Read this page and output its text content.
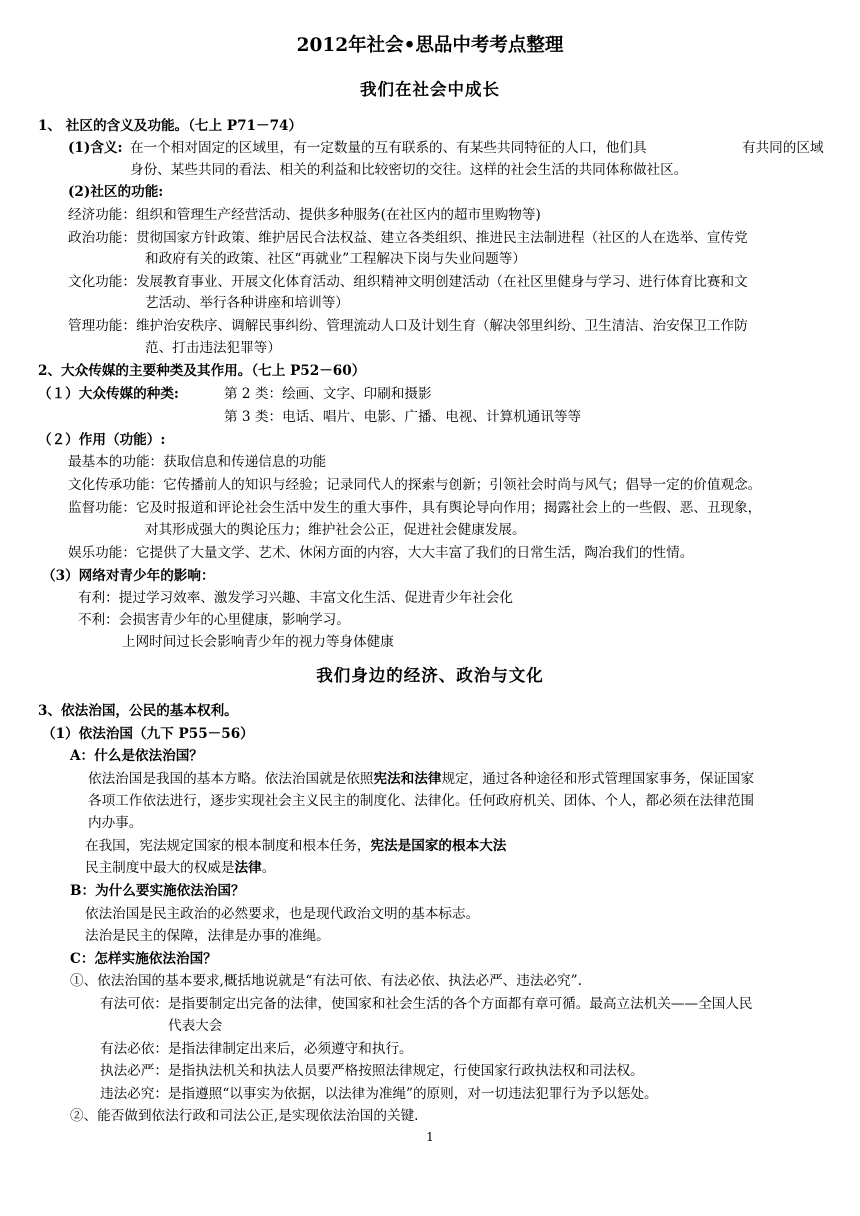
2012年社会•思品中考考点整理
我们在社会中成长
1、 社区的含义及功能。（七上 P71－74）
(1)含义: 在一个相对固定的区域里，有一定数量的互有联系的、有某些共同特征的人口，他们具	有共同的区域
身份、某些共同的看法、相关的利益和比较密切的交往。这样的社会生活的共同体称做社区。
(2)社区的功能:
经济功能：组织和管理生产经营活动、提供多种服务(在社区内的超市里购物等)
政治功能：贯彻国家方针政策、维护居民合法权益、建立各类组织、推进民主法制进程（社区的人在选举、宣传党
和政府有关的政策、社区“再就业”工程解决下岗与失业问题等）
文化功能：发展教育事业、开展文化体育活动、组织精神文明创建活动（在社区里健身与学习、进行体育比赛和文
艺活动、举行各种讲座和培训等）
管理功能：维护治安秩序、调解民事纠纷、管理流动人口及计划生育（解决邻里纠纷、卫生清洁、治安保卫工作防
范、打击违法犯罪等）
2、大众传媒的主要种类及其作用。（七上 P52－60）
（１）大众传媒的种类:	第 2 类：绘画、文字、印刷和摄影
第 3 类：电话、唱片、电影、广播、电视、计算机通讯等等
（２）作用（功能）:
最基本的功能：获取信息和传递信息的功能
文化传承功能：它传播前人的知识与经验；记录同代人的探索与创新；引领社会时尚与风气；倡导一定的价值观念。
监督功能：它及时报道和评论社会生活中发生的重大事件，具有舆论导向作用；揭露社会上的一些假、恶、丑现象，
对其形成强大的舆论压力；维护社会公正，促进社会健康发展。
娱乐功能：它提供了大量文学、艺术、休闲方面的内容，大大丰富了我们的日常生活，陶冶我们的性情。
（3）网络对青少年的影响：
有利：提过学习效率、激发学习兴趣、丰富文化生活、促进青少年社会化
不利：会损害青少年的心里健康，影响学习。
上网时间过长会影响青少年的视力等身体健康
我们身边的经济、政治与文化
3、依法治国，公民的基本权利。
（1）依法治国（九下 P55－56）
A：什么是依法治国？
依法治国是我国的基本方略。依法治国就是依照宪法和法律规定，通过各种途径和形式管理国家事务，保证国家
各项工作依法进行，逐步实现社会主义民主的制度化、法律化。任何政府机关、团体、个人，都必须在法律范围
内办事。
在我国，宪法规定国家的根本制度和根本任务，宪法是国家的根本大法
民主制度中最大的权威是法律。
B：为什么要实施依法治国？
依法治国是民主政治的必然要求，也是现代政治文明的基本标志。
法治是民主的保障，法律是办事的准绳。
C：怎样实施依法治国？
①、依法治国的基本要求,概括地说就是“有法可依、有法必依、执法必严、违法必究”.
有法可依：是指要制定出完备的法律，使国家和社会生活的各个方面都有章可循。最高立法机关——全国人民
代表大会
有法必依：是指法律制定出来后，必须遵守和执行。
执法必严：是指执法机关和执法人员要严格按照法律规定，行使国家行政执法权和司法权。
违法必究：是指遵照“以事实为依据，以法律为准绳”的原则，对一切违法犯罪行为予以惩处。
②、能否做到依法行政和司法公正,是实现依法治国的关键.
1
